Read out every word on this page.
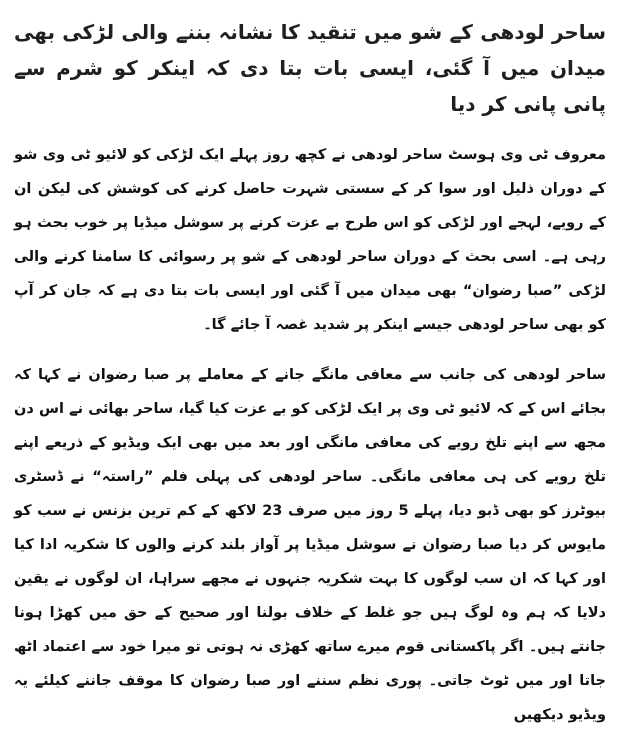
ساحر لودھی کے شو میں تنقید کا نشانہ بننے والی لڑکی بھی میدان میں آ گئی، ایسی بات بتا دی کہ اینکر کو شرم سے پانی پانی کر دیا

معروف ٹی وی ہوسٹ ساحر لودھی نے کچھ روز پہلے ایک لڑکی کو لائیو ٹی وی شو کے دوران ذلیل اور سوا کر کے سستی شہرت حاصل کرنے کی کوشش کی لیکن ان کے رویے، لہجے اور لڑکی کو اس طرح بے عزت کرنے پر سوشل میڈیا پر خوب بحث ہو رہی ہے۔ اسی بحث کے دوران ساحر لودھی کے شو پر رسوائی کا سامنا کرنے والی لڑکی ”صبا رضوان“ بھی میدان میں آ گئی اور ایسی بات بتا دی ہے کہ جان کر آپ کو بھی ساحر لودھی جیسے اینکر پر شدید غصہ آ جائے گا۔

ساحر لودھی کی جانب سے معافی مانگے جانے کے معاملے پر صبا رضوان نے کہا کہ بجائے اس کے کہ لائیو ٹی وی پر ایک لڑکی کو بے عزت کیا گیا، ساحر بھائی نے اس دن مجھ سے اپنے تلخ رویے کی معافی مانگی اور بعد میں بھی ایک ویڈیو کے ذریعے اپنے تلخ رویے کی ہی معافی مانگی۔ ساحر لودھی کی پہلی فلم ”راستہ“ نے ڈسٹری بیوٹرز کو بھی ڈبو دیا، پہلے 5 روز میں صرف 23 لاکھ کے کم ترین بزنس نے سب کو مایوس کر دیا صبا رضوان نے سوشل میڈیا پر آواز بلند کرنے والوں کا شکریہ ادا کیا اور کہا کہ ان سب لوگوں کا بہت شکریہ جنہوں نے مجھے سراہا، ان لوگوں نے یقین دلایا کہ ہم وہ لوگ ہیں جو غلط کے خلاف بولنا اور صحیح کے حق میں کھڑا ہونا جانتے ہیں۔ اگر پاکستانی قوم میرے ساتھ کھڑی نہ ہوتی تو میرا خود سے اعتماد اٹھ جاتا اور میں ٹوٹ جاتی۔ پوری نظم سننے اور صبا رضوان کا موقف جاننے کیلئے یہ ویڈیو دیکھیں
